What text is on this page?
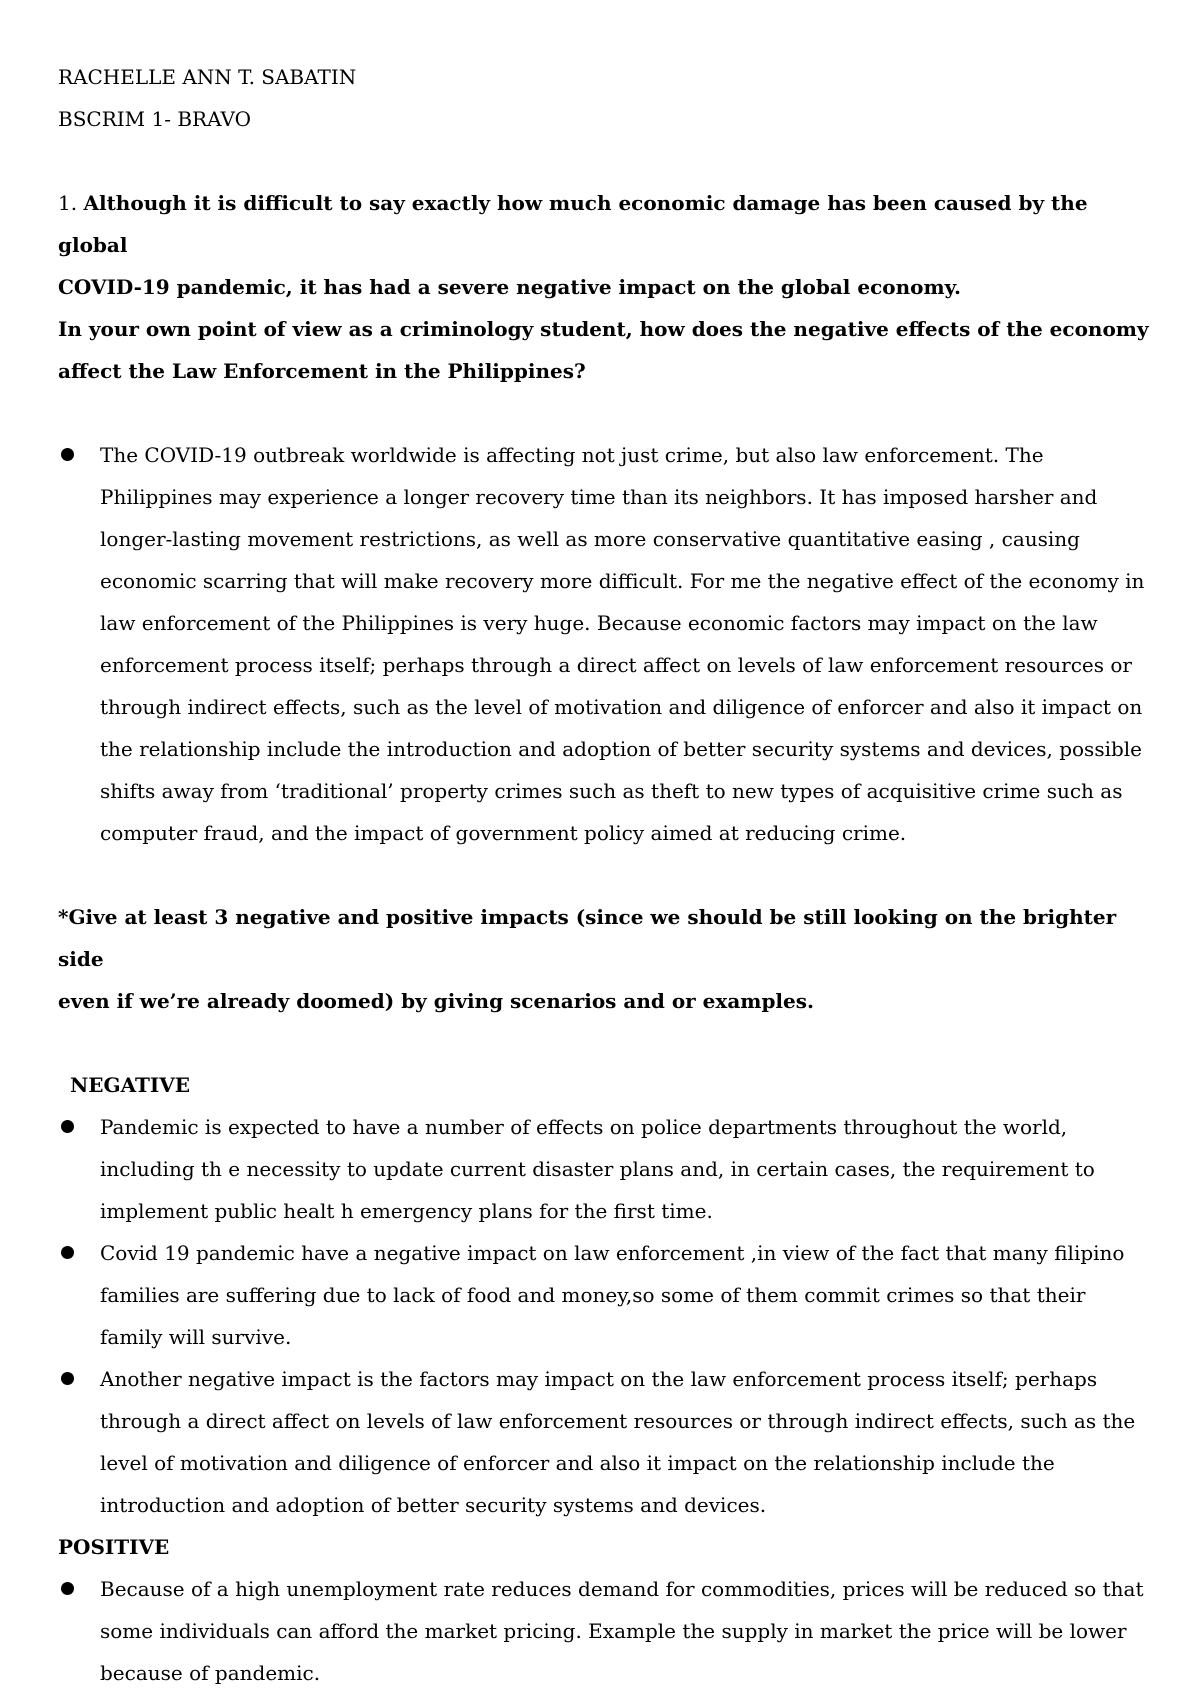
RACHELLE ANN T. SABATIN

BSCRIM 1- BRAVO

1. Although it is difficult to say exactly how much economic damage has been caused by the global
COVID-19 pandemic, it has had a severe negative impact on the global economy.
In your own point of view as a criminology student, how does the negative effects of the economy
affect the Law Enforcement in the Philippines?
The COVID-19 outbreak worldwide is affecting not just crime, but also law enforcement. The Philippines may experience a longer recovery time than its neighbors. It has imposed harsher and longer-lasting movement restrictions, as well as more conservative quantitative easing , causing economic scarring that will make recovery more difficult. For me the negative effect of the economy in law enforcement of the Philippines is very huge. Because economic factors may impact on the law enforcement process itself; perhaps through a direct affect on levels of law enforcement resources or through indirect effects, such as the level of motivation and diligence of enforcer and also it impact on the relationship include the introduction and adoption of better security systems and devices, possible shifts away from ‘traditional’ property crimes such as theft to new types of acquisitive crime such as computer fraud, and the impact of government policy aimed at reducing crime.
*Give at least 3 negative and positive impacts (since we should be still looking on the brighter side
even if we’re already doomed) by giving scenarios and or examples.

NEGATIVE

Pandemic is expected to have a number of effects on police departments throughout the world, including th e necessity to update current disaster plans and, in certain cases, the requirement to implement public healt h emergency plans for the first time.
Covid 19 pandemic have a negative impact on law enforcement ,in view of the fact that many filipino families are suffering due to lack of food and money,so some of them commit crimes so that their family will survive.
Another negative impact is the factors may impact on the law enforcement process itself; perhaps through a direct affect on levels of law enforcement resources or through indirect effects, such as the level of motivation and diligence of enforcer and also it impact on the relationship include the introduction and adoption of better security systems and devices.

POSITIVE

Because of a high unemployment rate reduces demand for commodities, prices will be reduced so that some individuals can afford the market pricing. Example the supply in market the price will be lower because of pandemic.
